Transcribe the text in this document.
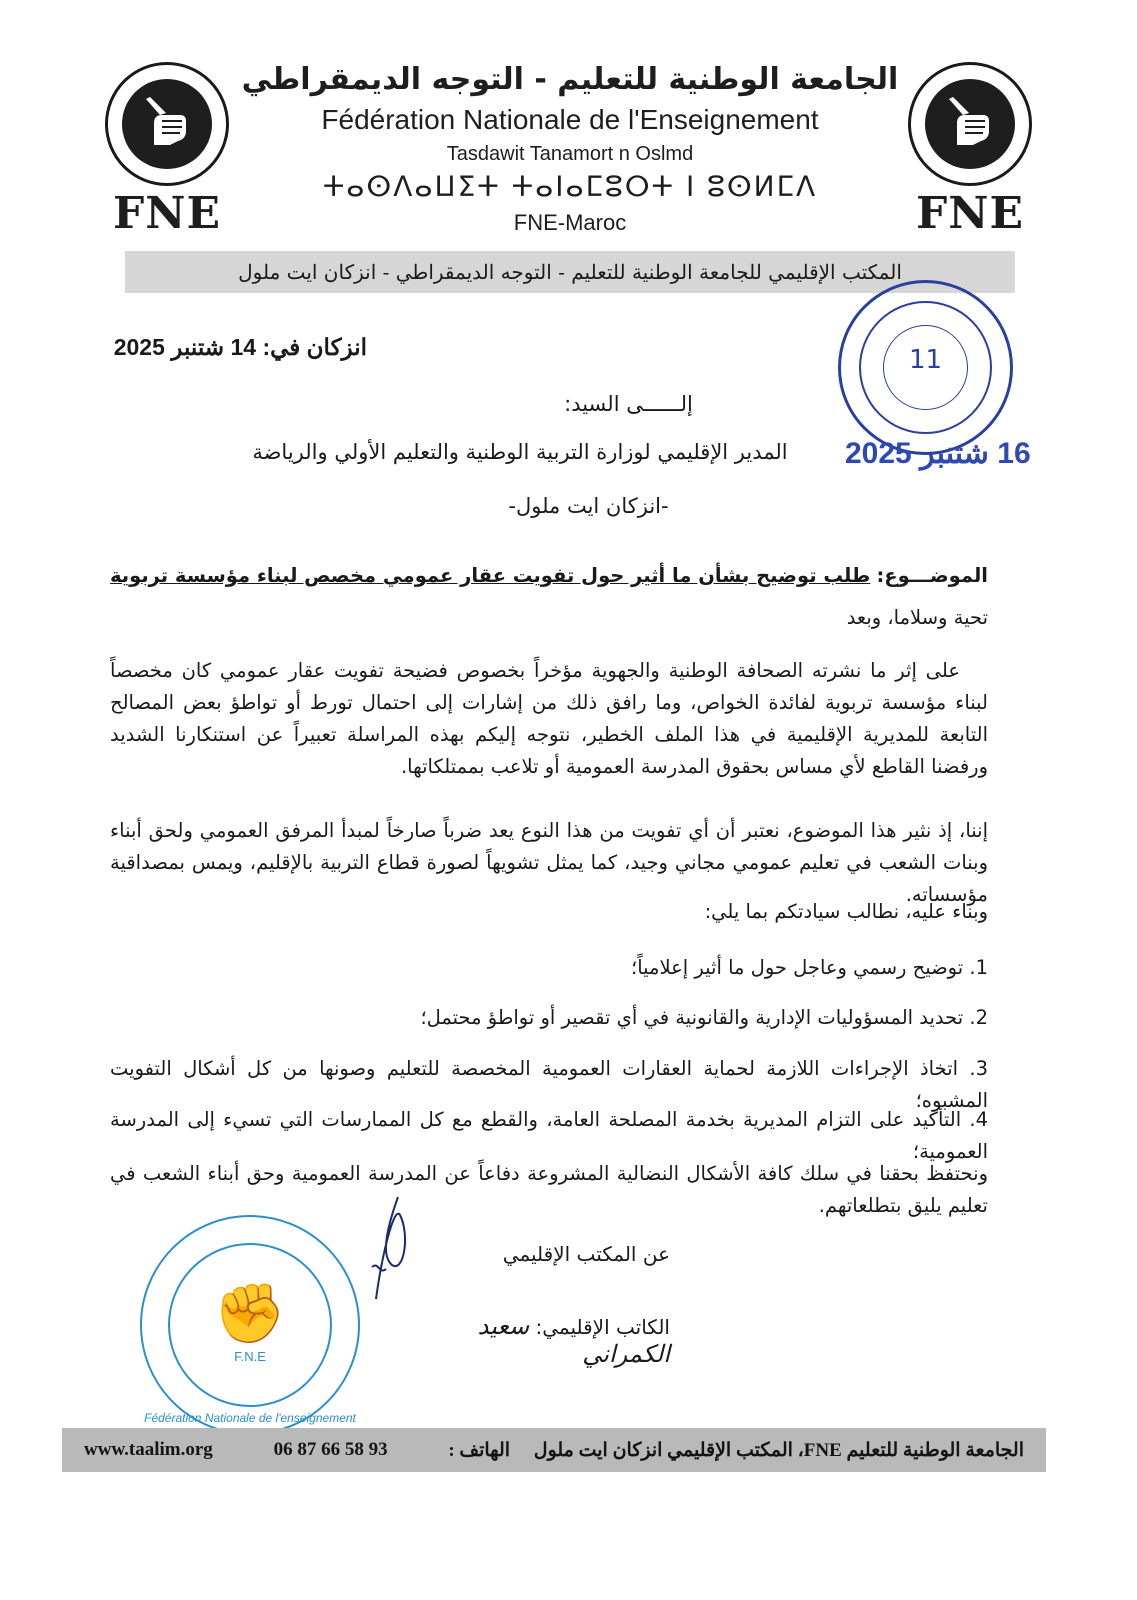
FNE	FNE
الجامعة الوطنية للتعليم - التوجه الديمقراطي
Fédération Nationale de l'Enseignement
Tasdawit Tanamort n Oslmd
ⵜⴰⵙⴷⴰⵡⵉⵜ ⵜⴰⵏⴰⵎⵓⵔⵜ ⵏ ⵓⵙⵍⵎⴷ
FNE-Maroc
المكتب الإقليمي للجامعة الوطنية للتعليم - التوجه الديمقراطي - انزكان ايت ملول
11
16 شتنبر 2025
انزكان في: 14 شتنبر 2025
إلــــــى السيد:
المدير الإقليمي لوزارة التربية الوطنية والتعليم الأولي والرياضة
-انزكان ايت ملول-
الموضـــوع: طلب توضيح بشأن ما أثير حول تفويت عقار عمومي مخصص لبناء مؤسسة تربوية
تحية وسلاما، وبعد
على إثر ما نشرته الصحافة الوطنية والجهوية مؤخراً بخصوص فضيحة تفويت عقار عمومي كان مخصصاً لبناء مؤسسة تربوية لفائدة الخواص، وما رافق ذلك من إشارات إلى احتمال تورط أو تواطؤ بعض المصالح التابعة للمديرية الإقليمية في هذا الملف الخطير، نتوجه إليكم بهذه المراسلة تعبيراً عن استنكارنا الشديد ورفضنا القاطع لأي مساس بحقوق المدرسة العمومية أو تلاعب بممتلكاتها.
إننا، إذ نثير هذا الموضوع، نعتبر أن أي تفويت من هذا النوع يعد ضرباً صارخاً لمبدأ المرفق العمومي ولحق أبناء وبنات الشعب في تعليم عمومي مجاني وجيد، كما يمثل تشويهاً لصورة قطاع التربية بالإقليم، ويمس بمصداقية مؤسساته.
وبناء عليه، نطالب سيادتكم بما يلي:
1. توضيح رسمي وعاجل حول ما أثير إعلامياً؛
2. تحديد المسؤوليات الإدارية والقانونية في أي تقصير أو تواطؤ محتمل؛
3. اتخاذ الإجراءات اللازمة لحماية العقارات العمومية المخصصة للتعليم وصونها من كل أشكال التفويت المشبوه؛
4. التأكيد على التزام المديرية بخدمة المصلحة العامة، والقطع مع كل الممارسات التي تسيء إلى المدرسة العمومية؛
ونحتفظ بحقنا في سلك كافة الأشكال النضالية المشروعة دفاعاً عن المدرسة العمومية وحق أبناء الشعب في تعليم يليق بتطلعاتهم.
عن المكتب الإقليمي
الكاتب الإقليمي: سعيد الكمراني
✊
F.N.E
Fédération Nationale de l'enseignement
www.taalim.org	06 87 66 58 93	الجامعة الوطنية للتعليم FNE، المكتب الإقليمي انزكان ايت ملول     الهاتف :
